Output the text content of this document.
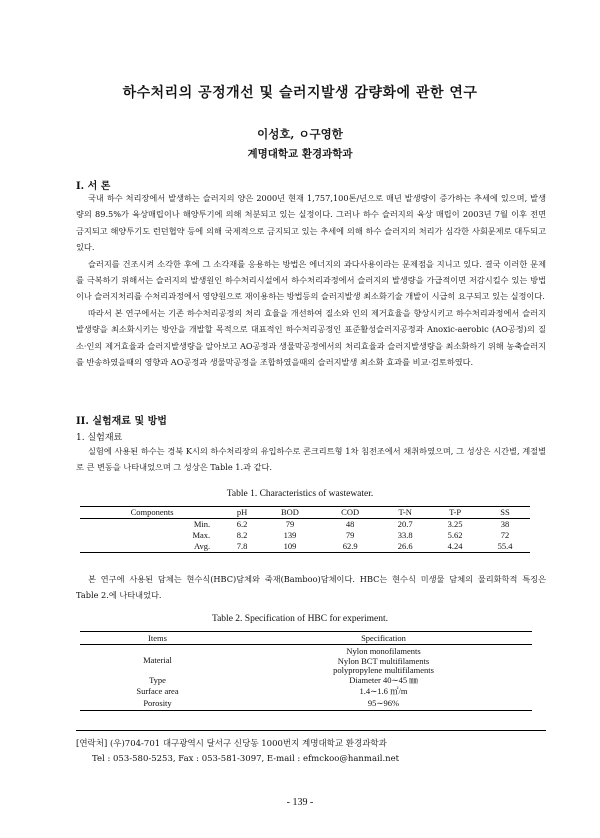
하수처리의 공정개선 및 슬러지발생 감량화에 관한 연구
이성호, ㅇ구영한
계명대학교 환경과학과
I. 서 론

국내 하수 처리장에서 발생하는 슬러지의 양은 2000년 현재 1,757,100톤/년으로 매년 발생량이 증가하는 추세에 있으며, 발생량의 89.5%가 육상매립이나 해양투기에 의해 처분되고 있는 실정이다. 그러나 하수 슬러지의 육상 매립이 2003년 7월 이후 전면 금지되고 해양투기도 런던협약 등에 의해 국제적으로 금지되고 있는 추세에 의해 하수 슬러지의 처리가 심각한 사회문제로 대두되고 있다.

슬러지를 건조시켜 소각한 후에 그 소각재를 응용하는 방법은 에너지의 과다사용이라는 문제점을 지니고 있다. 결국 이러한 문제를 극복하기 위해서는 슬러지의 발생원인 하수처리시설에서 하수처리과정에서 슬러지의 발생량을 가급적이면 저감시킬수 있는 방법이나 슬러지처리를 수처리과정에서 영양원으로 재이용하는 방법등의 슬러지발생 최소화기술 개발이 시급히 요구되고 있는 실정이다.

따라서 본 연구에서는 기존 하수처리공정의 처리 효율을 개선하여 질소와 인의 제거효율을 향상시키고 하수처리과정에서 슬러지발생량을 최소화시키는 방안을 개발할 목적으로 대표적인 하수처리공정인 표준활성슬러지공정과 Anoxic-aerobic (AO공정)의 질소·인의 제거효율과 슬러지발생량을 알아보고 AO공정과 생물막공정에서의 처리효율과 슬러지발생량을 최소화하기 위해 농축슬러지를 반송하였을때의 영향과 AO공정과 생물막공정을 조합하였을때의 슬러지발생 최소화 효과를 비교·검토하였다.

II. 실험재료 및 방법
1. 실험재료

실험에 사용된 하수는 경북 K시의 하수처리장의 유입하수로 콘크리트형 1차 침전조에서 채취하였으며, 그 성상은 시간별, 계절별로 큰 변동을 나타내었으며 그 성상은 Table 1.과 같다.

Table 1. Characteristics of wastewater.
Components	pH	BOD	COD	T-N	T-P	SS
Min.	6.2	79	48	20.7	3.25	38
Max.	8.2	139	79	33.8	5.62	72
Avg.	7.8	109	62.9	26.6	4.24	55.4

본 연구에 사용된 담체는 현수식(HBC)담체와 죽재(Bamboo)담체이다. HBC는 현수식 미생물 담체의 물리화학적 특징은 Table 2.에 나타내었다.

Table 2. Specification of HBC for experiment.
Items	Specification
Material	Nylon monofilaments
Nylon BCT multifilaments
polypropylene multifilaments

Type	Diameter 40∼45 ㎜

Surface area	1.4∼1.6 ㎡/m

Porosity	95∼96%
[연락처] (우)704-701 대구광역시 달서구 신당동 1000번지 계명대학교 환경과학과
Tel : 053-580-5253, Fax : 053-581-3097, E-mail : efmckoo@hanmail.net
- 139 -
